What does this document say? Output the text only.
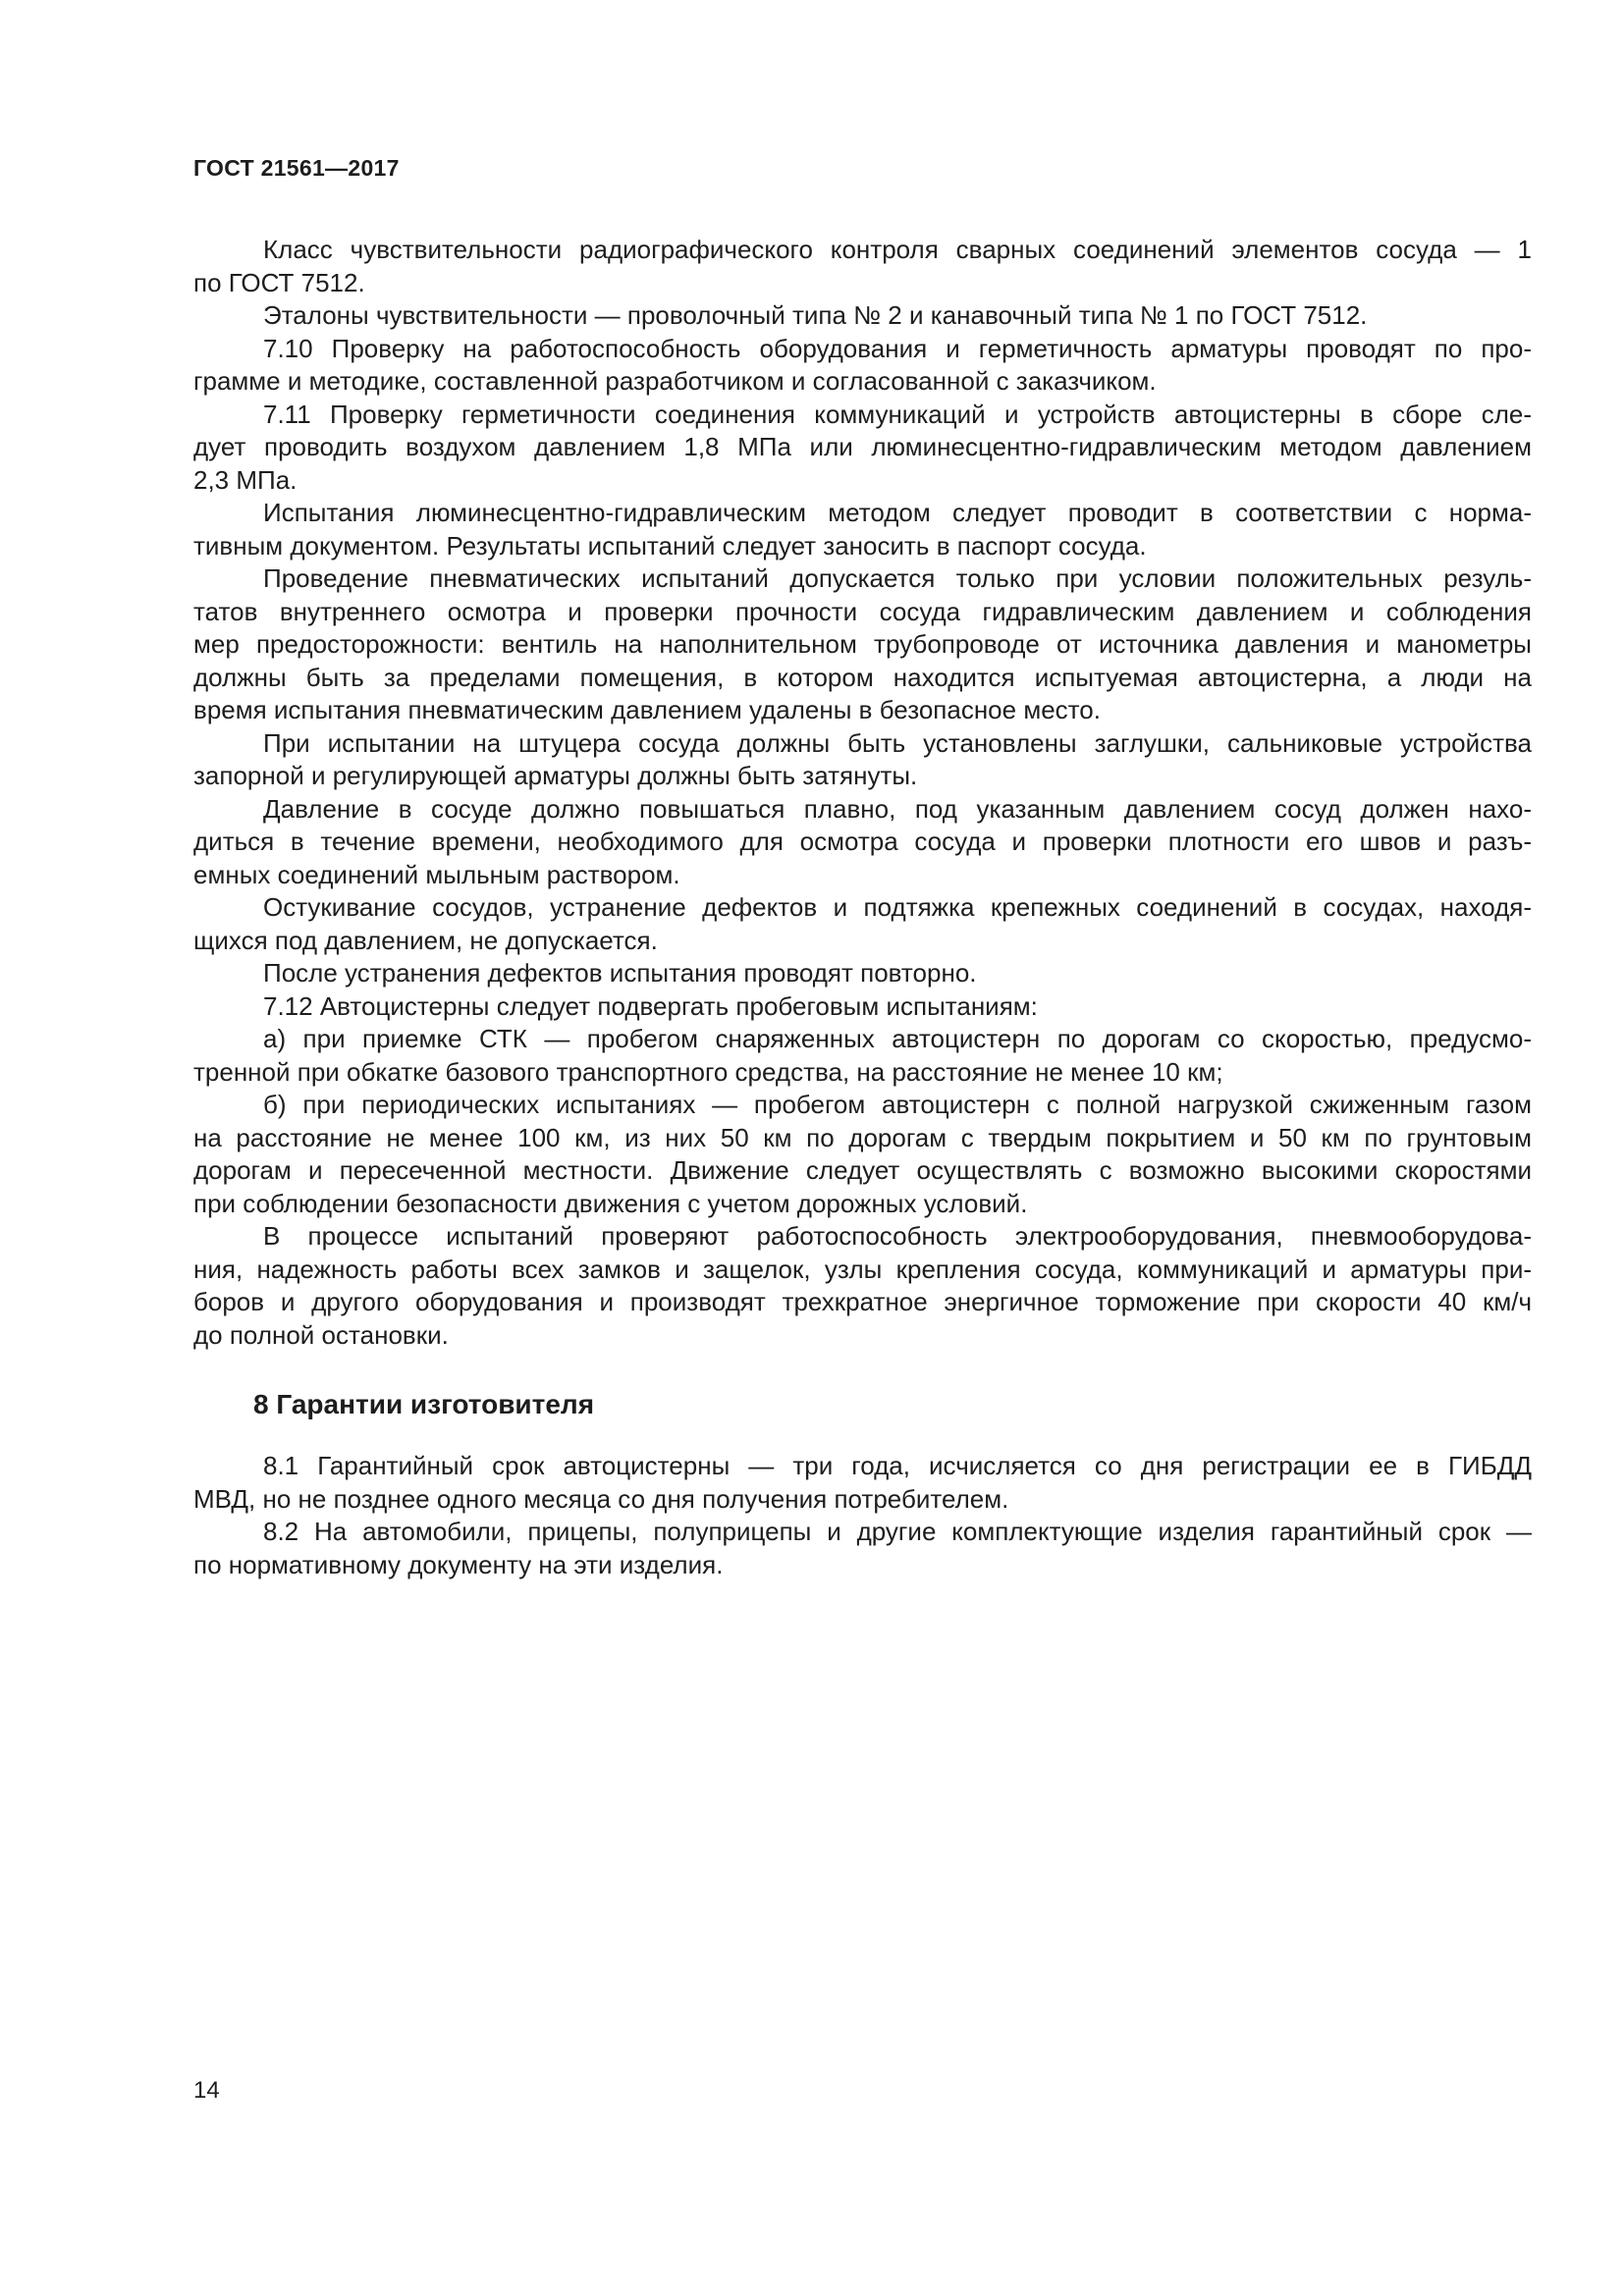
ГОСТ 21561—2017
Класс чувствительности радиографического контроля сварных соединений элементов сосуда — 1
по ГОСТ 7512.
Эталоны чувствительности — проволочный типа № 2 и канавочный типа № 1 по ГОСТ 7512.
7.10 Проверку на работоспособность оборудования и герметичность арматуры проводят по про-
грамме и методике, составленной разработчиком и согласованной с заказчиком.
7.11 Проверку герметичности соединения коммуникаций и устройств автоцистерны в сборе сле-
дует проводить воздухом давлением 1,8 МПа или люминесцентно-гидравлическим методом давлением
2,3 МПа.
Испытания люминесцентно-гидравлическим методом следует проводит в соответствии с норма-
тивным документом. Результаты испытаний следует заносить в паспорт сосуда.
Проведение пневматических испытаний допускается только при условии положительных резуль-
татов внутреннего осмотра и проверки прочности сосуда гидравлическим давлением и соблюдения
мер предосторожности: вентиль на наполнительном трубопроводе от источника давления и манометры
должны быть за пределами помещения, в котором находится испытуемая автоцистерна, а люди на
время испытания пневматическим давлением удалены в безопасное место.
При испытании на штуцера сосуда должны быть установлены заглушки, сальниковые устройства
запорной и регулирующей арматуры должны быть затянуты.
Давление в сосуде должно повышаться плавно, под указанным давлением сосуд должен нахо-
диться в течение времени, необходимого для осмотра сосуда и проверки плотности его швов и разъ-
емных соединений мыльным раствором.
Остукивание сосудов, устранение дефектов и подтяжка крепежных соединений в сосудах, находя-
щихся под давлением, не допускается.
После устранения дефектов испытания проводят повторно.
7.12 Автоцистерны следует подвергать пробеговым испытаниям:
а) при приемке СТК — пробегом снаряженных автоцистерн по дорогам со скоростью, предусмо-
тренной при обкатке базового транспортного средства, на расстояние не менее 10 км;
б) при периодических испытаниях — пробегом автоцистерн с полной нагрузкой сжиженным газом
на расстояние не менее 100 км, из них 50 км по дорогам с твердым покрытием и 50 км по грунтовым
дорогам и пересеченной местности. Движение следует осуществлять с возможно высокими скоростями
при соблюдении безопасности движения с учетом дорожных условий.
В процессе испытаний проверяют работоспособность электрооборудования, пневмооборудова-
ния, надежность работы всех замков и защелок, узлы крепления сосуда, коммуникаций и арматуры при-
боров и другого оборудования и производят трехкратное энергичное торможение при скорости 40 км/ч
до полной остановки.
8 Гарантии изготовителя
8.1 Гарантийный срок автоцистерны — три года, исчисляется со дня регистрации ее в ГИБДД
МВД, но не позднее одного месяца со дня получения потребителем.
8.2 На автомобили, прицепы, полуприцепы и другие комплектующие изделия гарантийный срок —
по нормативному документу на эти изделия.
14
